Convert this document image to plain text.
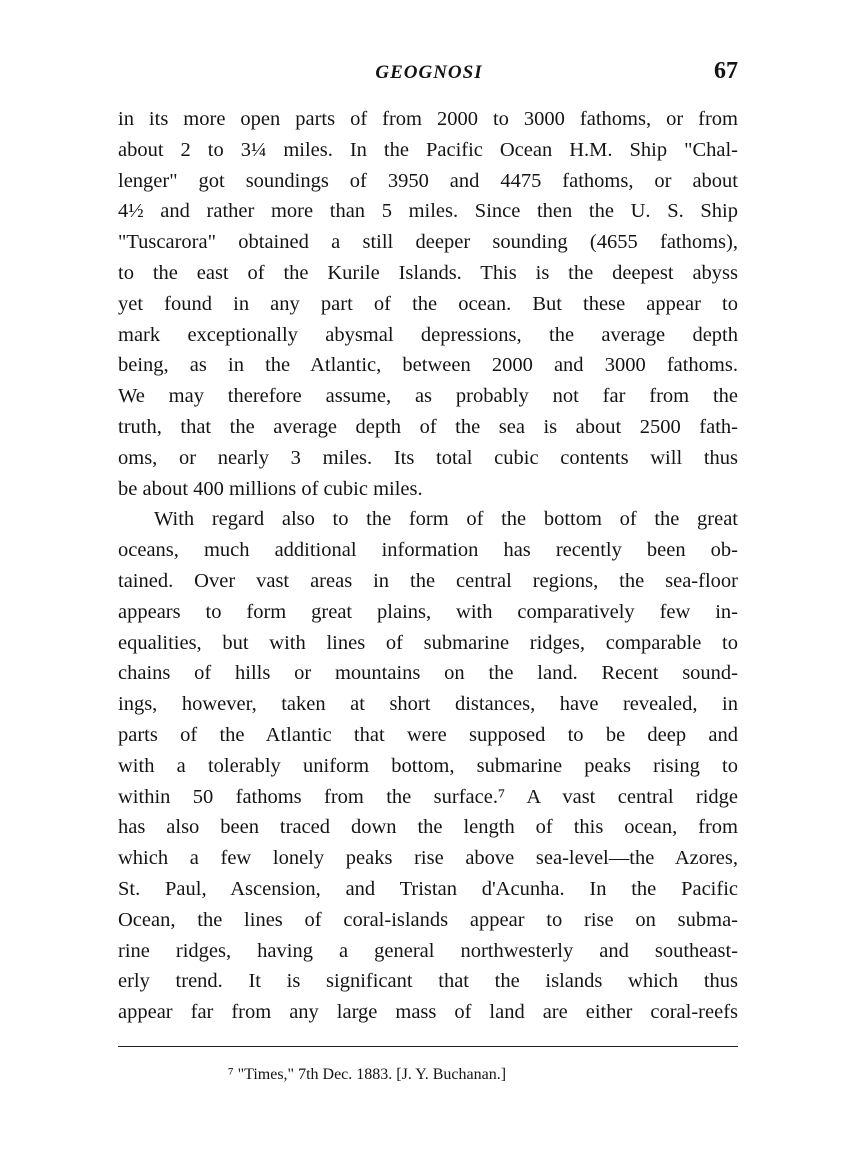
GEOGNOSI	67
in its more open parts of from 2000 to 3000 fathoms, or from
about 2 to 3¼ miles. In the Pacific Ocean H.M. Ship "Chal-
lenger" got soundings of 3950 and 4475 fathoms, or about
4½ and rather more than 5 miles. Since then the U. S. Ship
"Tuscarora" obtained a still deeper sounding (4655 fathoms),
to the east of the Kurile Islands. This is the deepest abyss
yet found in any part of the ocean. But these appear to
mark exceptionally abysmal depressions, the average depth
being, as in the Atlantic, between 2000 and 3000 fathoms.
We may therefore assume, as probably not far from the
truth, that the average depth of the sea is about 2500 fath-
oms, or nearly 3 miles. Its total cubic contents will thus
be about 400 millions of cubic miles.
With regard also to the form of the bottom of the great
oceans, much additional information has recently been ob-
tained. Over vast areas in the central regions, the sea-floor
appears to form great plains, with comparatively few in-
equalities, but with lines of submarine ridges, comparable to
chains of hills or mountains on the land. Recent sound-
ings, however, taken at short distances, have revealed, in
parts of the Atlantic that were supposed to be deep and
with a tolerably uniform bottom, submarine peaks rising to
within 50 fathoms from the surface.⁷ A vast central ridge
has also been traced down the length of this ocean, from
which a few lonely peaks rise above sea-level—the Azores,
St. Paul, Ascension, and Tristan d'Acunha. In the Pacific
Ocean, the lines of coral-islands appear to rise on subma-
rine ridges, having a general northwesterly and southeast-
erly trend. It is significant that the islands which thus
appear far from any large mass of land are either coral-reefs
⁷ "Times," 7th Dec. 1883. [J. Y. Buchanan.]
